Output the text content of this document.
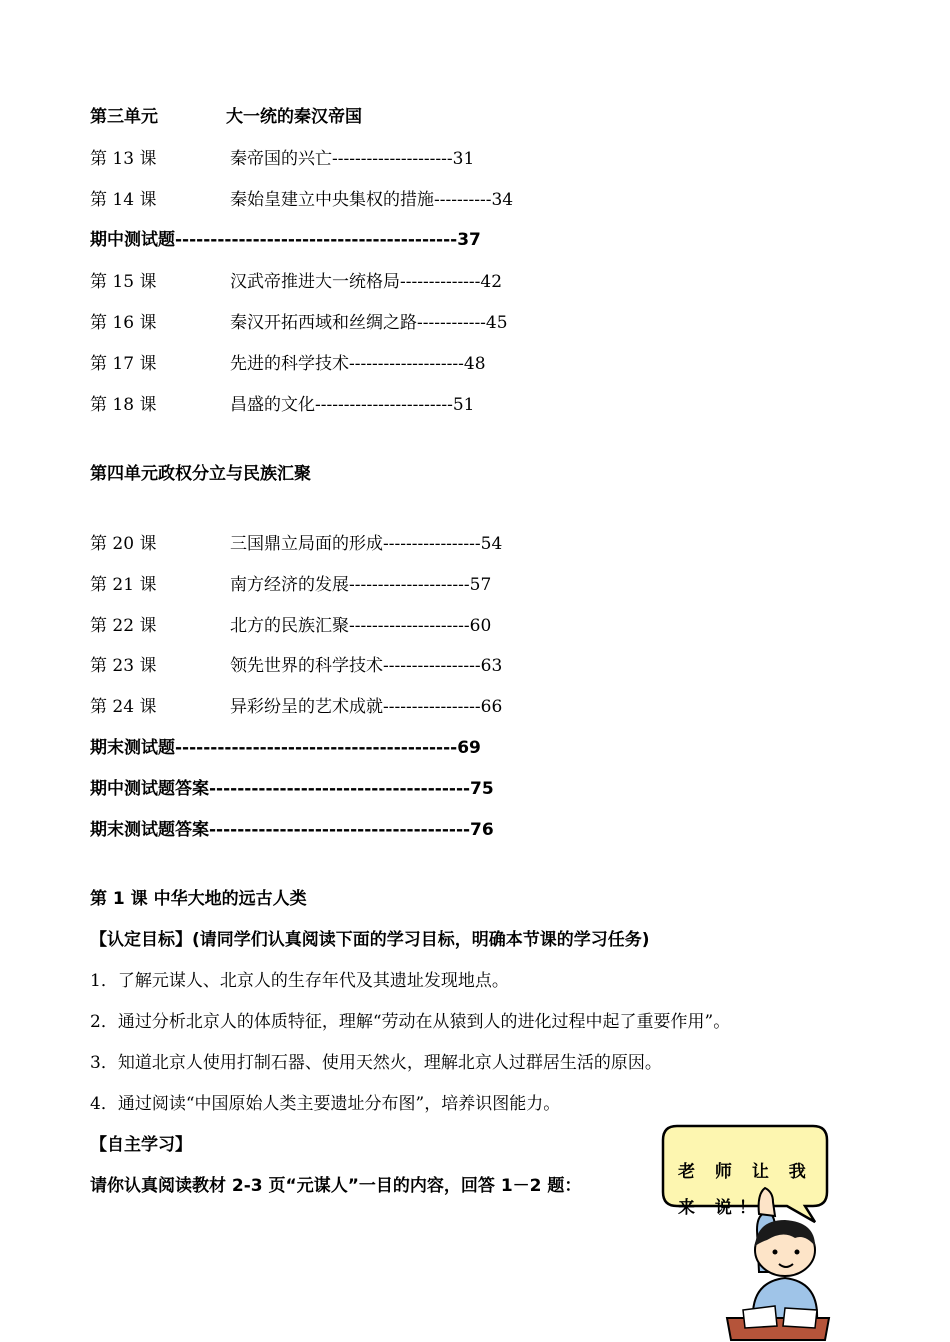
第三单元	大一统的秦汉帝国
第 13 课	秦帝国的兴亡---------------------31
第 14 课	秦始皇建立中央集权的措施----------34
期中测试题----------------------------------------37
第 15 课	汉武帝推进大一统格局--------------42
第 16 课	秦汉开拓西域和丝绸之路------------45
第 17 课	先进的科学技术--------------------48
第 18 课	昌盛的文化------------------------51
第四单元政权分立与民族汇聚
第 20 课	三国鼎立局面的形成-----------------54
第 21 课	南方经济的发展---------------------57
第 22 课	北方的民族汇聚---------------------60
第 23 课	领先世界的科学技术-----------------63
第 24 课	异彩纷呈的艺术成就-----------------66
期末测试题----------------------------------------69
期中测试题答案-------------------------------------75
期末测试题答案-------------------------------------76
第 1 课 中华大地的远古人类
【认定目标】(请同学们认真阅读下面的学习目标，明确本节课的学习任务)
1．了解元谋人、北京人的生存年代及其遗址发现地点。
2．通过分析北京人的体质特征，理解“劳动在从猿到人的进化过程中起了重要作用”。
3．知道北京人使用打制石器、使用天然火，理解北京人过群居生活的原因。
4．通过阅读“中国原始人类主要遗址分布图”，培养识图能力。
【自主学习】
请你认真阅读教材 2-3 页“元谋人”一目的内容，回答 1－2 题：
老 师 让 我 来 说！
